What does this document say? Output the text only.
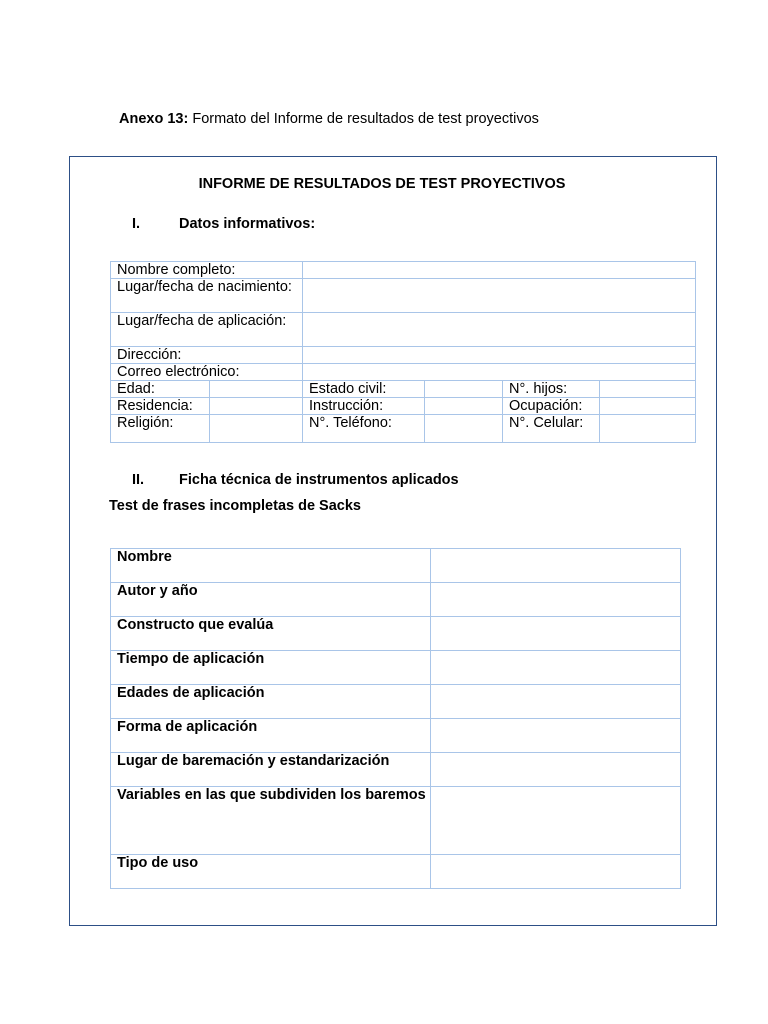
Anexo 13: Formato del Informe de resultados de test proyectivos
INFORME DE RESULTADOS DE TEST PROYECTIVOS
I.	Datos informativos:
Nombre completo:					
Lugar/fecha de nacimiento:					
Lugar/fecha de aplicación:					
Dirección:					
Correo electrónico:					
Edad:		Estado civil:		N°. hijos:	
Residencia:		Instrucción:		Ocupación:	
Religión:		N°. Teléfono:		N°. Celular:	
II. Ficha técnica de instrumentos aplicados
Test de frases incompletas de Sacks
Nombre	
Autor y año	
Constructo que evalúa	
Tiempo de aplicación	
Edades de aplicación	
Forma de aplicación	
Lugar de baremación y estandarización	
Variables en las que subdividen los baremos	
Tipo de uso	
